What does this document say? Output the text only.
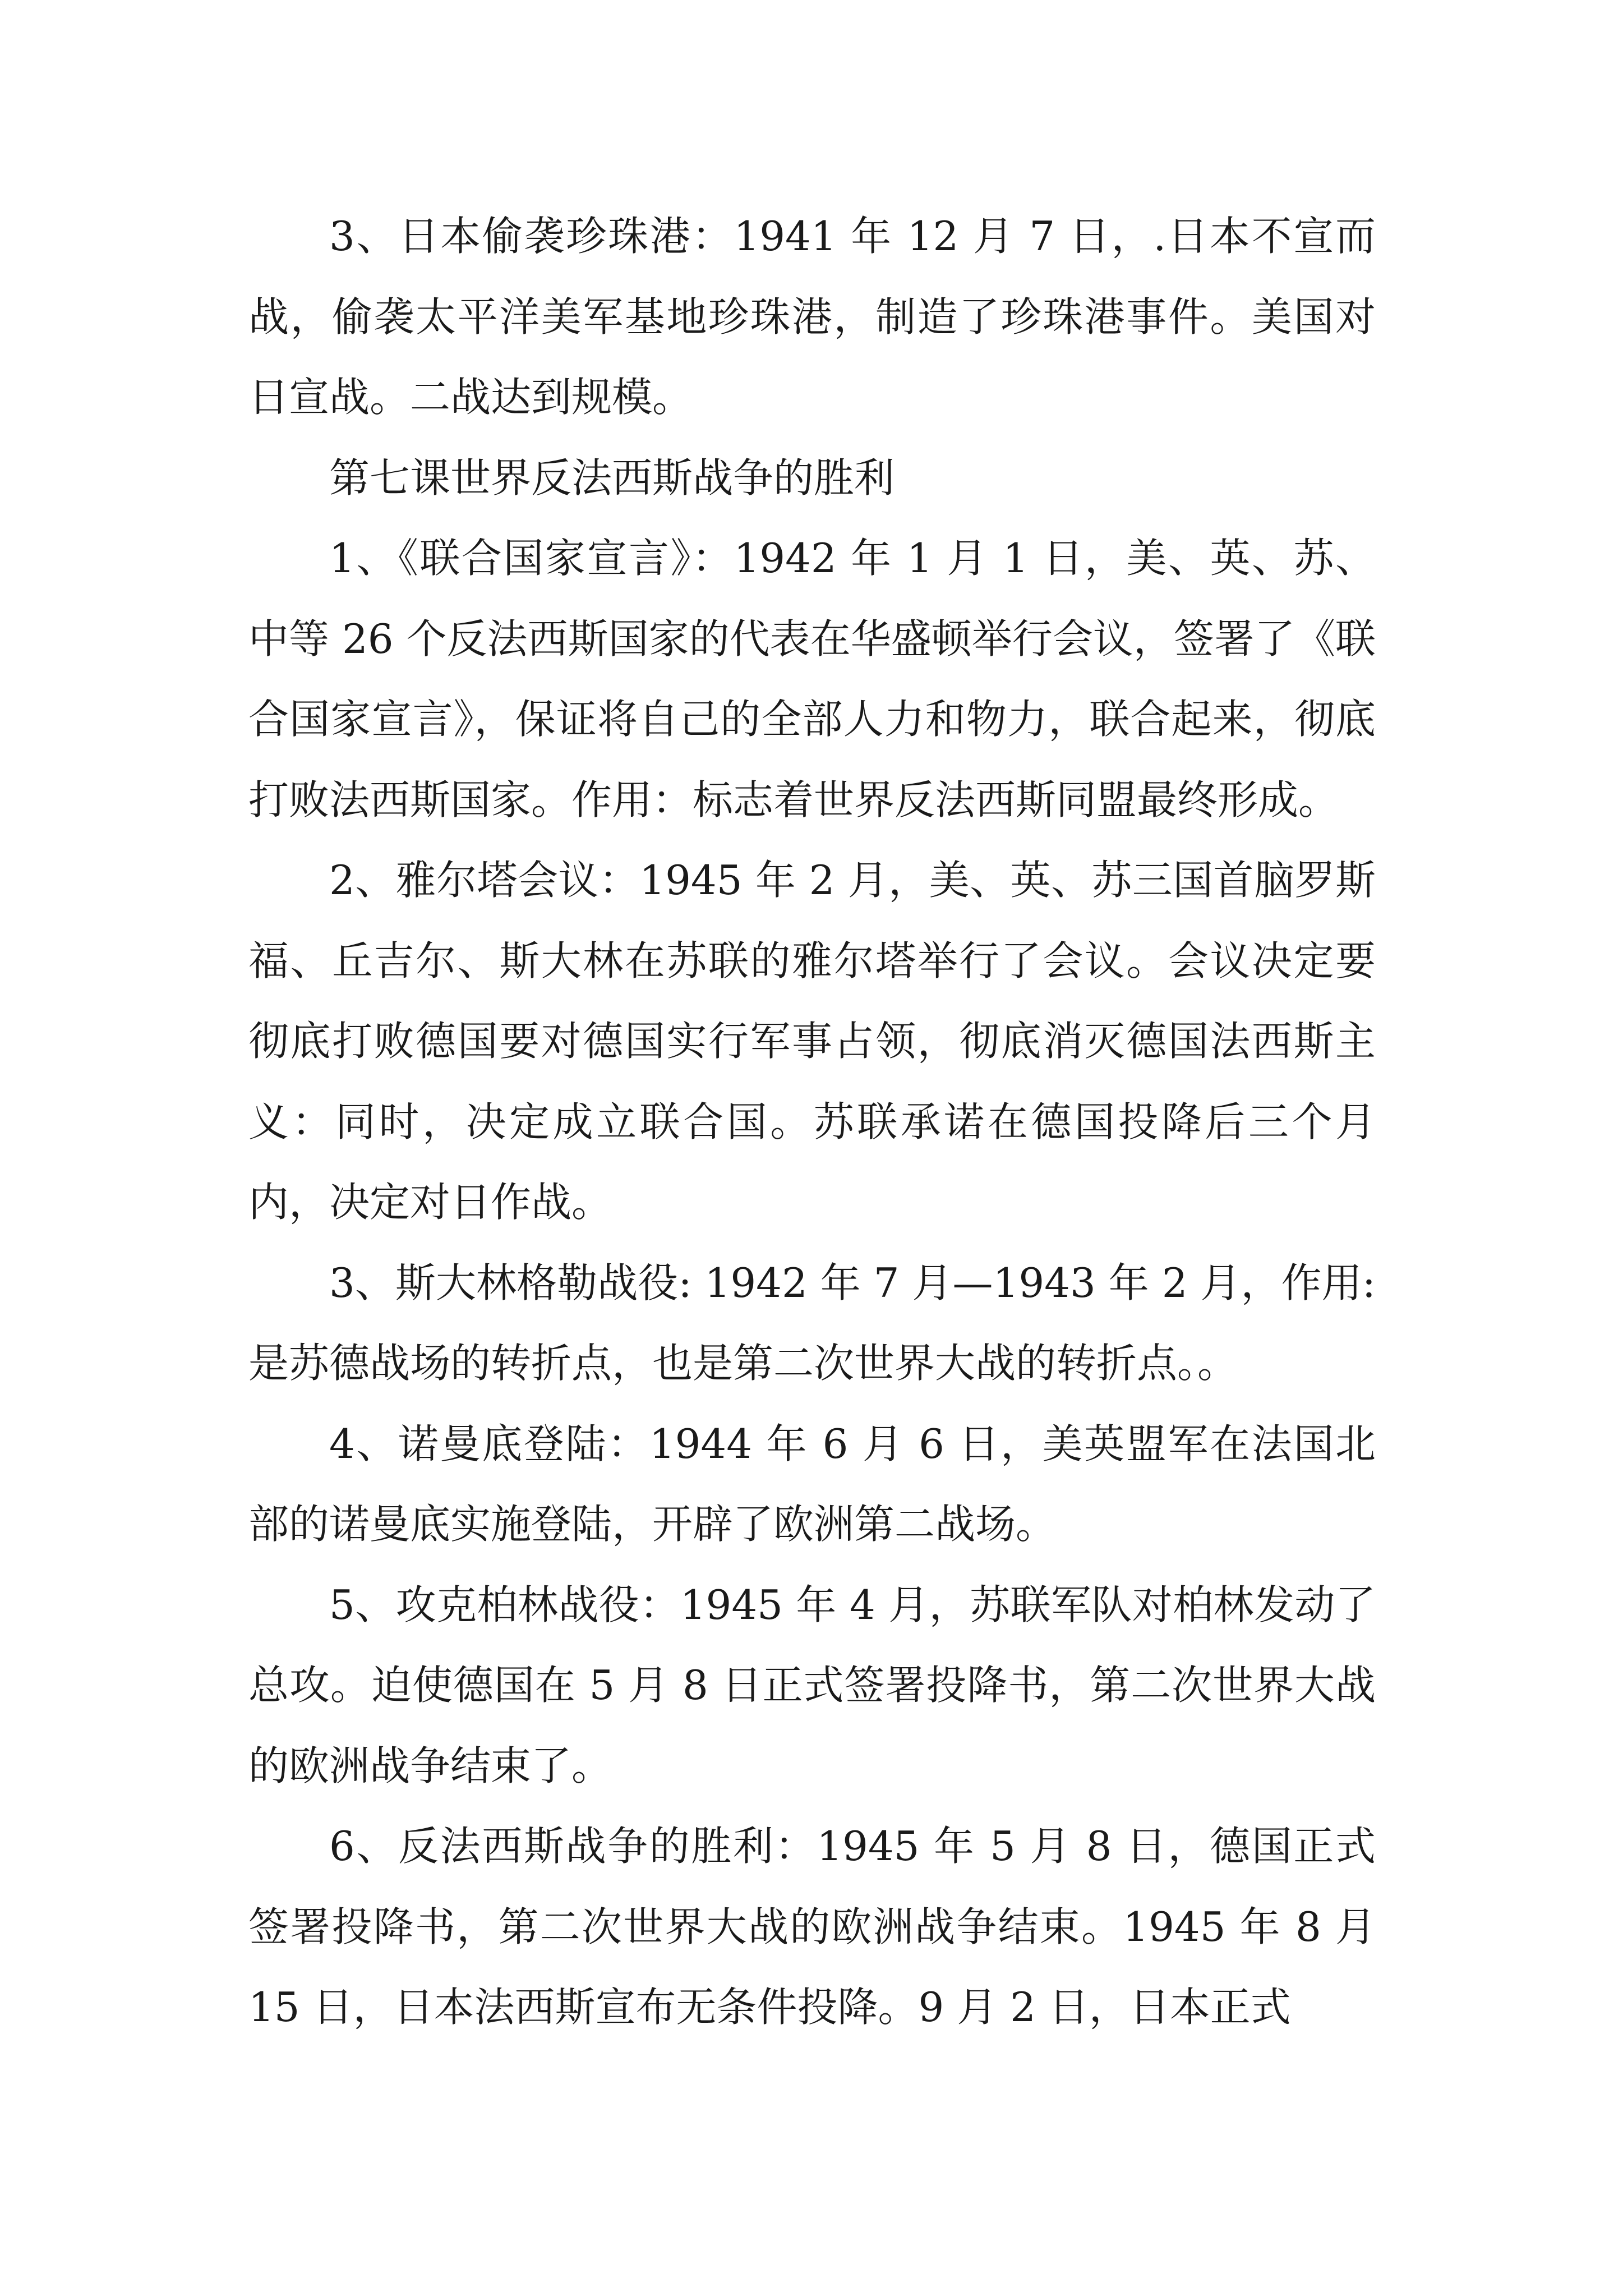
3、日本偷袭珍珠港：1941 年 12 月 7 日，.日本不宣而战，偷袭太平洋美军基地珍珠港，制造了珍珠港事件。美国对日宣战。二战达到规模。

第七课世界反法西斯战争的胜利

1、《联合国家宣言》：1942 年 1 月 1 日，美、英、苏、中等 26 个反法西斯国家的代表在华盛顿举行会议，签署了《联合国家宣言》，保证将自己的全部人力和物力，联合起来，彻底打败法西斯国家。作用：标志着世界反法西斯同盟最终形成。

2、雅尔塔会议：1945 年 2 月，美、英、苏三国首脑罗斯福、丘吉尔、斯大林在苏联的雅尔塔举行了会议。会议决定要彻底打败德国要对德国实行军事占领，彻底消灭德国法西斯主义：同时，决定成立联合国。苏联承诺在德国投降后三个月内，决定对日作战。

3、斯大林格勒战役: 1942 年 7 月—1943 年 2 月，作用:是苏德战场的转折点，也是第二次世界大战的转折点。。

4、诺曼底登陆：1944 年 6 月 6 日，美英盟军在法国北部的诺曼底实施登陆，开辟了欧洲第二战场。

5、攻克柏林战役：1945 年 4 月，苏联军队对柏林发动了总攻。迫使德国在 5 月 8 日正式签署投降书，第二次世界大战的欧洲战争结束了。

6、反法西斯战争的胜利：1945 年 5 月 8 日，德国正式签署投降书，第二次世界大战的欧洲战争结束。1945 年 8 月 15 日，日本法西斯宣布无条件投降。9 月 2 日，日本正式
